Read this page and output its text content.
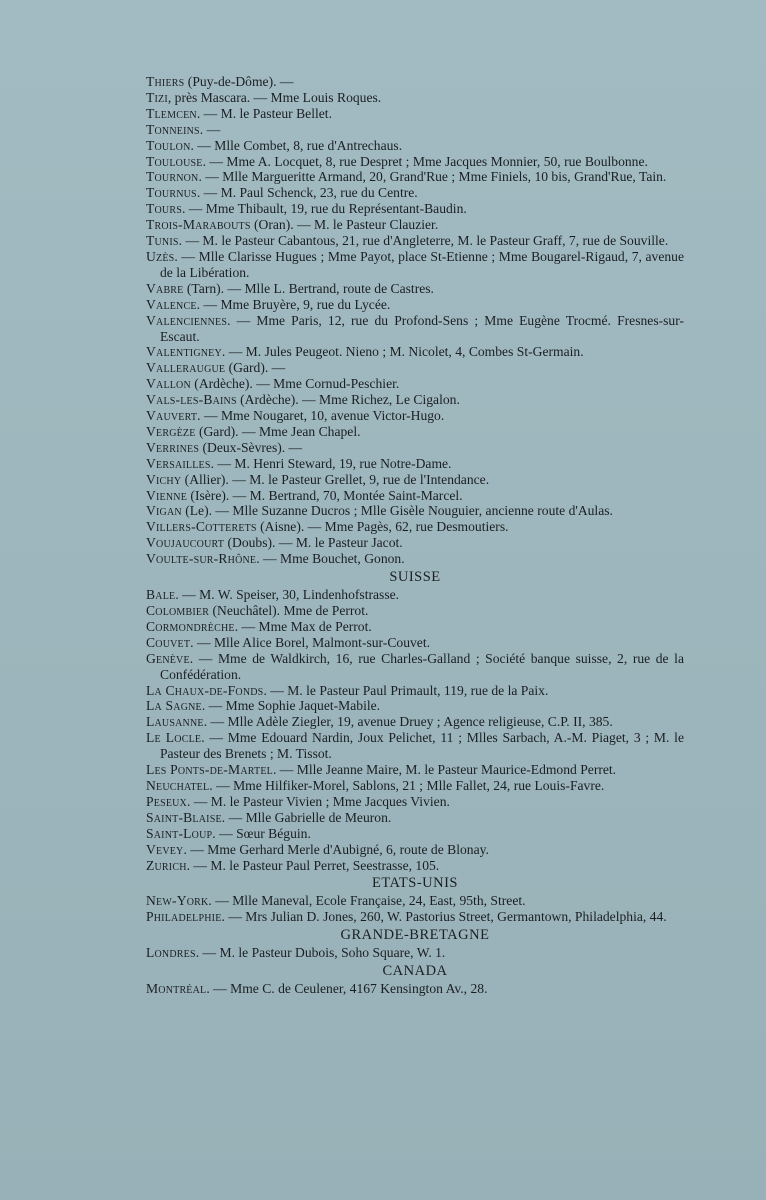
Thiers (Puy-de-Dôme). —
Tizi, près Mascara. — Mme Louis Roques.
Tlemcen. — M. le Pasteur Bellet.
Tonneins. —
Toulon. — Mlle Combet, 8, rue d'Antrechaus.
Toulouse. — Mme A. Locquet, 8, rue Despret ; Mme Jacques Monnier, 50, rue Boulbonne.
Tournon. — Mlle Margueritte Armand, 20, Grand'Rue ; Mme Finiels, 10 bis, Grand'Rue, Tain.
Tournus. — M. Paul Schenck, 23, rue du Centre.
Tours. — Mme Thibault, 19, rue du Représentant-Baudin.
Trois-Marabouts (Oran). — M. le Pasteur Clauzier.
Tunis. — M. le Pasteur Cabantous, 21, rue d'Angleterre, M. le Pasteur Graff, 7, rue de Souville.
Uzès. — Mlle Clarisse Hugues ; Mme Payot, place St-Etienne ; Mme Bougarel-Rigaud, 7, avenue de la Libération.
Vabre (Tarn). — Mlle L. Bertrand, route de Castres.
Valence. — Mme Bruyère, 9, rue du Lycée.
Valenciennes. — Mme Paris, 12, rue du Profond-Sens ; Mme Eugène Trocmé. Fresnes-sur-Escaut.
Valentigney. — M. Jules Peugeot. Nieno ; M. Nicolet, 4, Combes St-Germain.
Valleraugue (Gard). —
Vallon (Ardèche). — Mme Cornud-Peschier.
Vals-les-Bains (Ardèche). — Mme Richez, Le Cigalon.
Vauvert. — Mme Nougaret, 10, avenue Victor-Hugo.
Vergèze (Gard). — Mme Jean Chapel.
Verrines (Deux-Sèvres). —
Versailles. — M. Henri Steward, 19, rue Notre-Dame.
Vichy (Allier). — M. le Pasteur Grellet, 9, rue de l'Intendance.
Vienne (Isère). — M. Bertrand, 70, Montée Saint-Marcel.
Vigan (Le). — Mlle Suzanne Ducros ; Mlle Gisèle Nouguier, ancienne route d'Aulas.
Villers-Cotterets (Aisne). — Mme Pagès, 62, rue Desmoutiers.
Voujaucourt (Doubs). — M. le Pasteur Jacot.
Voulte-sur-Rhône. — Mme Bouchet, Gonon.
SUISSE
Bale. — M. W. Speiser, 30, Lindenhofstrasse.
Colombier (Neuchâtel). Mme de Perrot.
Cormondrèche. — Mme Max de Perrot.
Couvet. — Mlle Alice Borel, Malmont-sur-Couvet.
Genève. — Mme de Waldkirch, 16, rue Charles-Galland ; Société banque suisse, 2, rue de la Confédération.
La Chaux-de-Fonds. — M. le Pasteur Paul Primault, 119, rue de la Paix.
La Sagne. — Mme Sophie Jaquet-Mabile.
Lausanne. — Mlle Adèle Ziegler, 19, avenue Druey ; Agence religieuse, C.P. II, 385.
Le Locle. — Mme Edouard Nardin, Joux Pelichet, 11 ; Mlles Sarbach, A.-M. Piaget, 3 ; M. le Pasteur des Brenets ; M. Tissot.
Les Ponts-de-Martel. — Mlle Jeanne Maire, M. le Pasteur Maurice-Edmond Perret.
Neuchatel. — Mme Hilfiker-Morel, Sablons, 21 ; Mlle Fallet, 24, rue Louis-Favre.
Peseux. — M. le Pasteur Vivien ; Mme Jacques Vivien.
Saint-Blaise. — Mlle Gabrielle de Meuron.
Saint-Loup. — Sœur Béguin.
Vevey. — Mme Gerhard Merle d'Aubigné, 6, route de Blonay.
Zurich. — M. le Pasteur Paul Perret, Seestrasse, 105.
ETATS-UNIS
New-York. — Mlle Maneval, Ecole Française, 24, East, 95th, Street.
Philadelphie. — Mrs Julian D. Jones, 260, W. Pastorius Street, Germantown, Philadelphia, 44.
GRANDE-BRETAGNE
Londres. — M. le Pasteur Dubois, Soho Square, W. 1.
CANADA
Montréal. — Mme C. de Ceulener, 4167 Kensington Av., 28.
